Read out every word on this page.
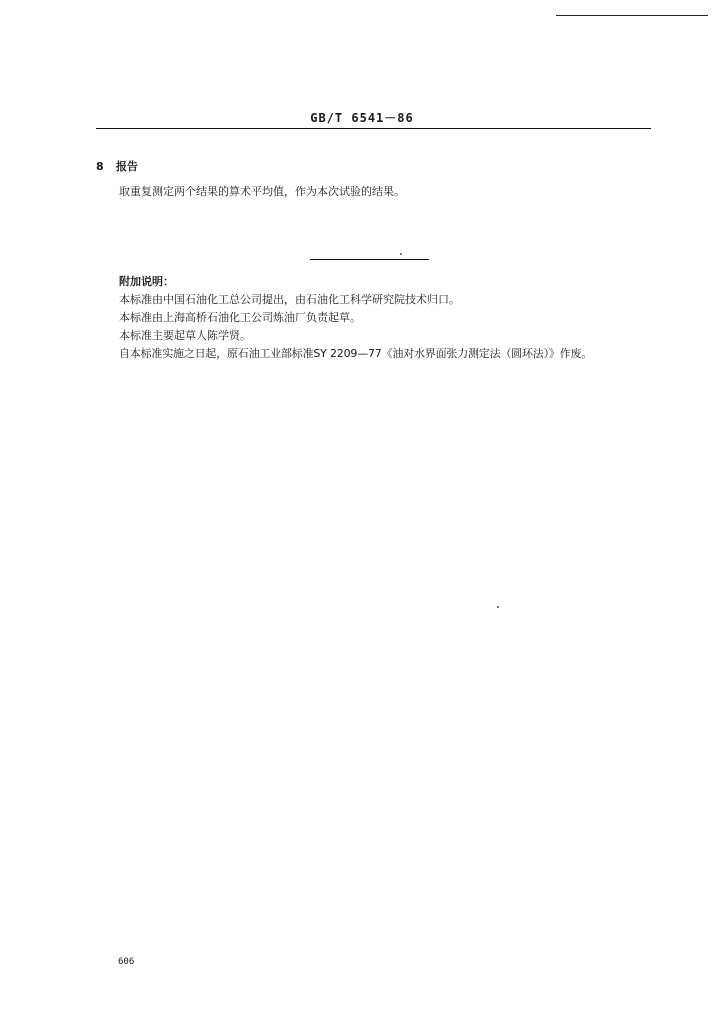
GB/T 6541－86
8 报告
取重复测定两个结果的算术平均值，作为本次试验的结果。
附加说明：
本标准由中国石油化工总公司提出，由石油化工科学研究院技术归口。
本标准由上海高桥石油化工公司炼油厂负责起草。
本标准主要起草人陈学贤。
自本标准实施之日起，原石油工业部标准SY 2209—77《油对水界面张力测定法（圆环法）》作废。
606
